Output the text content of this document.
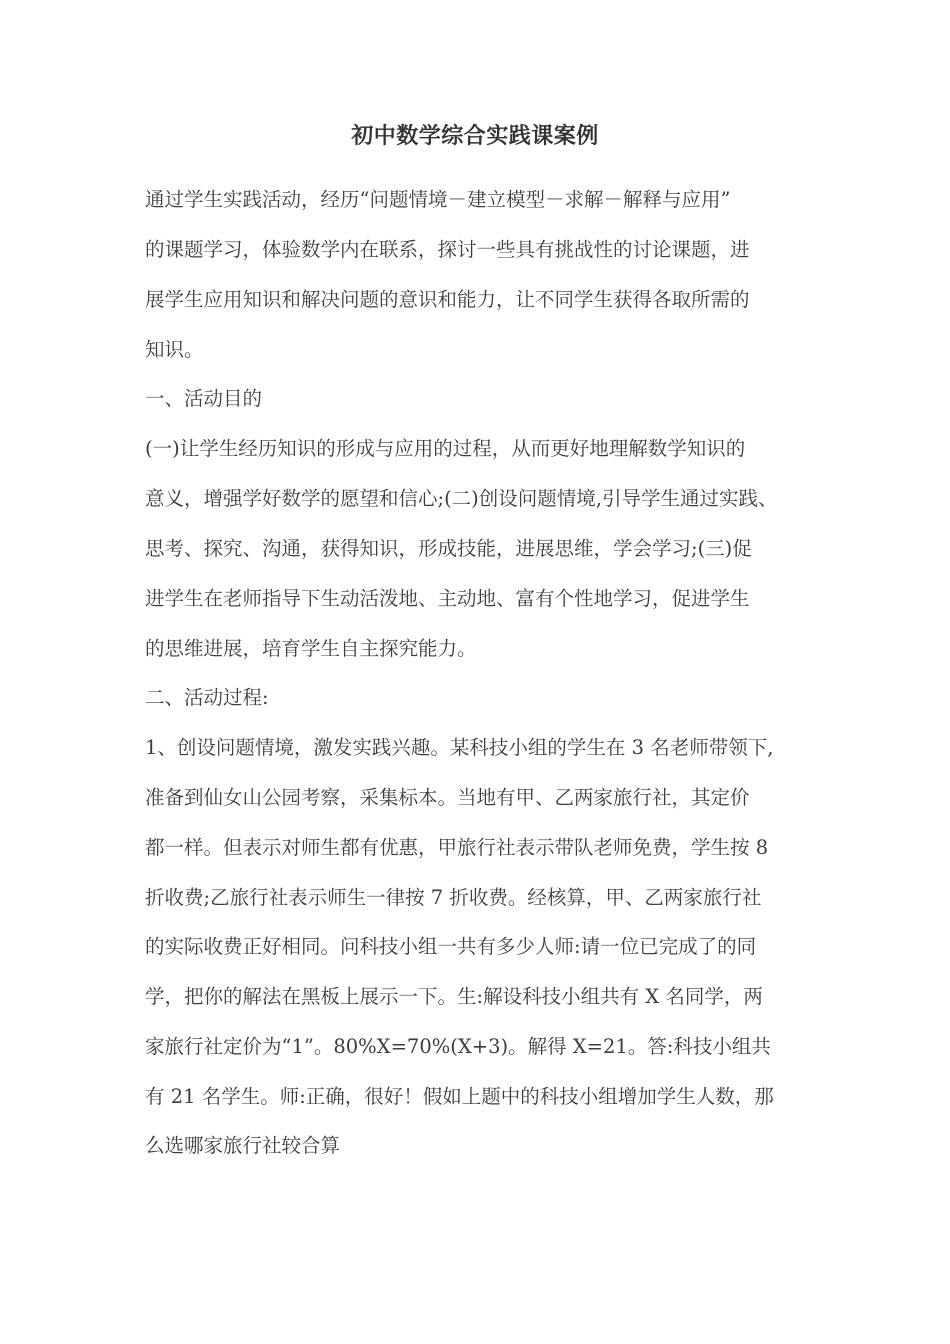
初中数学综合实践课案例
通过学生实践活动，经历“问题情境－建立模型－求解－解释与应用”
的课题学习，体验数学内在联系，探讨一些具有挑战性的讨论课题，进
展学生应用知识和解决问题的意识和能力，让不同学生获得各取所需的
知识。
一、活动目的
(一)让学生经历知识的形成与应用的过程，从而更好地理解数学知识的
意义，增强学好数学的愿望和信心;(二)创设问题情境,引导学生通过实践、
思考、探究、沟通，获得知识，形成技能，进展思维，学会学习;(三)促
进学生在老师指导下生动活泼地、主动地、富有个性地学习，促进学生
的思维进展，培育学生自主探究能力。
二、活动过程:
1、创设问题情境，激发实践兴趣。某科技小组的学生在 3 名老师带领下,
准备到仙女山公园考察，采集标本。当地有甲、乙两家旅行社，其定价
都一样。但表示对师生都有优惠，甲旅行社表示带队老师免费，学生按 8
折收费;乙旅行社表示师生一律按 7 折收费。经核算，甲、乙两家旅行社
的实际收费正好相同。问科技小组一共有多少人师:请一位已完成了的同
学，把你的解法在黑板上展示一下。生:解设科技小组共有 X 名同学，两
家旅行社定价为“1”。80%X=70%(X+3)。解得 X=21。答:科技小组共
有 21 名学生。师:正确，很好！假如上题中的科技小组增加学生人数，那
么选哪家旅行社较合算
